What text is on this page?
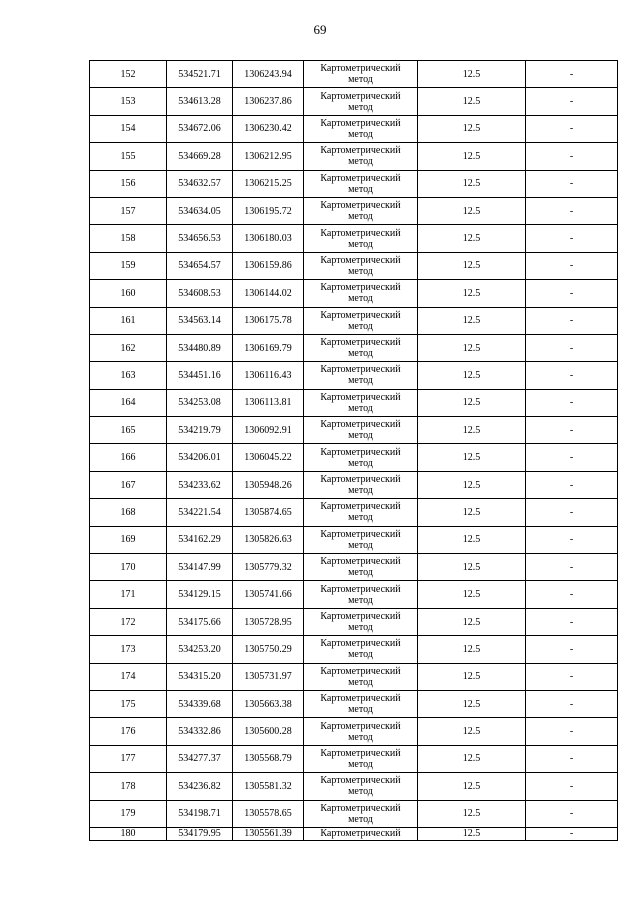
69
152	534521.71	1306243.94	Картометрический метод	12.5	-
153	534613.28	1306237.86	Картометрический метод	12.5	-
154	534672.06	1306230.42	Картометрический метод	12.5	-
155	534669.28	1306212.95	Картометрический метод	12.5	-
156	534632.57	1306215.25	Картометрический метод	12.5	-
157	534634.05	1306195.72	Картометрический метод	12.5	-
158	534656.53	1306180.03	Картометрический метод	12.5	-
159	534654.57	1306159.86	Картометрический метод	12.5	-
160	534608.53	1306144.02	Картометрический метод	12.5	-
161	534563.14	1306175.78	Картометрический метод	12.5	-
162	534480.89	1306169.79	Картометрический метод	12.5	-
163	534451.16	1306116.43	Картометрический метод	12.5	-
164	534253.08	1306113.81	Картометрический метод	12.5	-
165	534219.79	1306092.91	Картометрический метод	12.5	-
166	534206.01	1306045.22	Картометрический метод	12.5	-
167	534233.62	1305948.26	Картометрический метод	12.5	-
168	534221.54	1305874.65	Картометрический метод	12.5	-
169	534162.29	1305826.63	Картометрический метод	12.5	-
170	534147.99	1305779.32	Картометрический метод	12.5	-
171	534129.15	1305741.66	Картометрический метод	12.5	-
172	534175.66	1305728.95	Картометрический метод	12.5	-
173	534253.20	1305750.29	Картометрический метод	12.5	-
174	534315.20	1305731.97	Картометрический метод	12.5	-
175	534339.68	1305663.38	Картометрический метод	12.5	-
176	534332.86	1305600.28	Картометрический метод	12.5	-
177	534277.37	1305568.79	Картометрический метод	12.5	-
178	534236.82	1305581.32	Картометрический метод	12.5	-
179	534198.71	1305578.65	Картометрический метод	12.5	-
180	534179.95	1305561.39	Картометрический	12.5	-
